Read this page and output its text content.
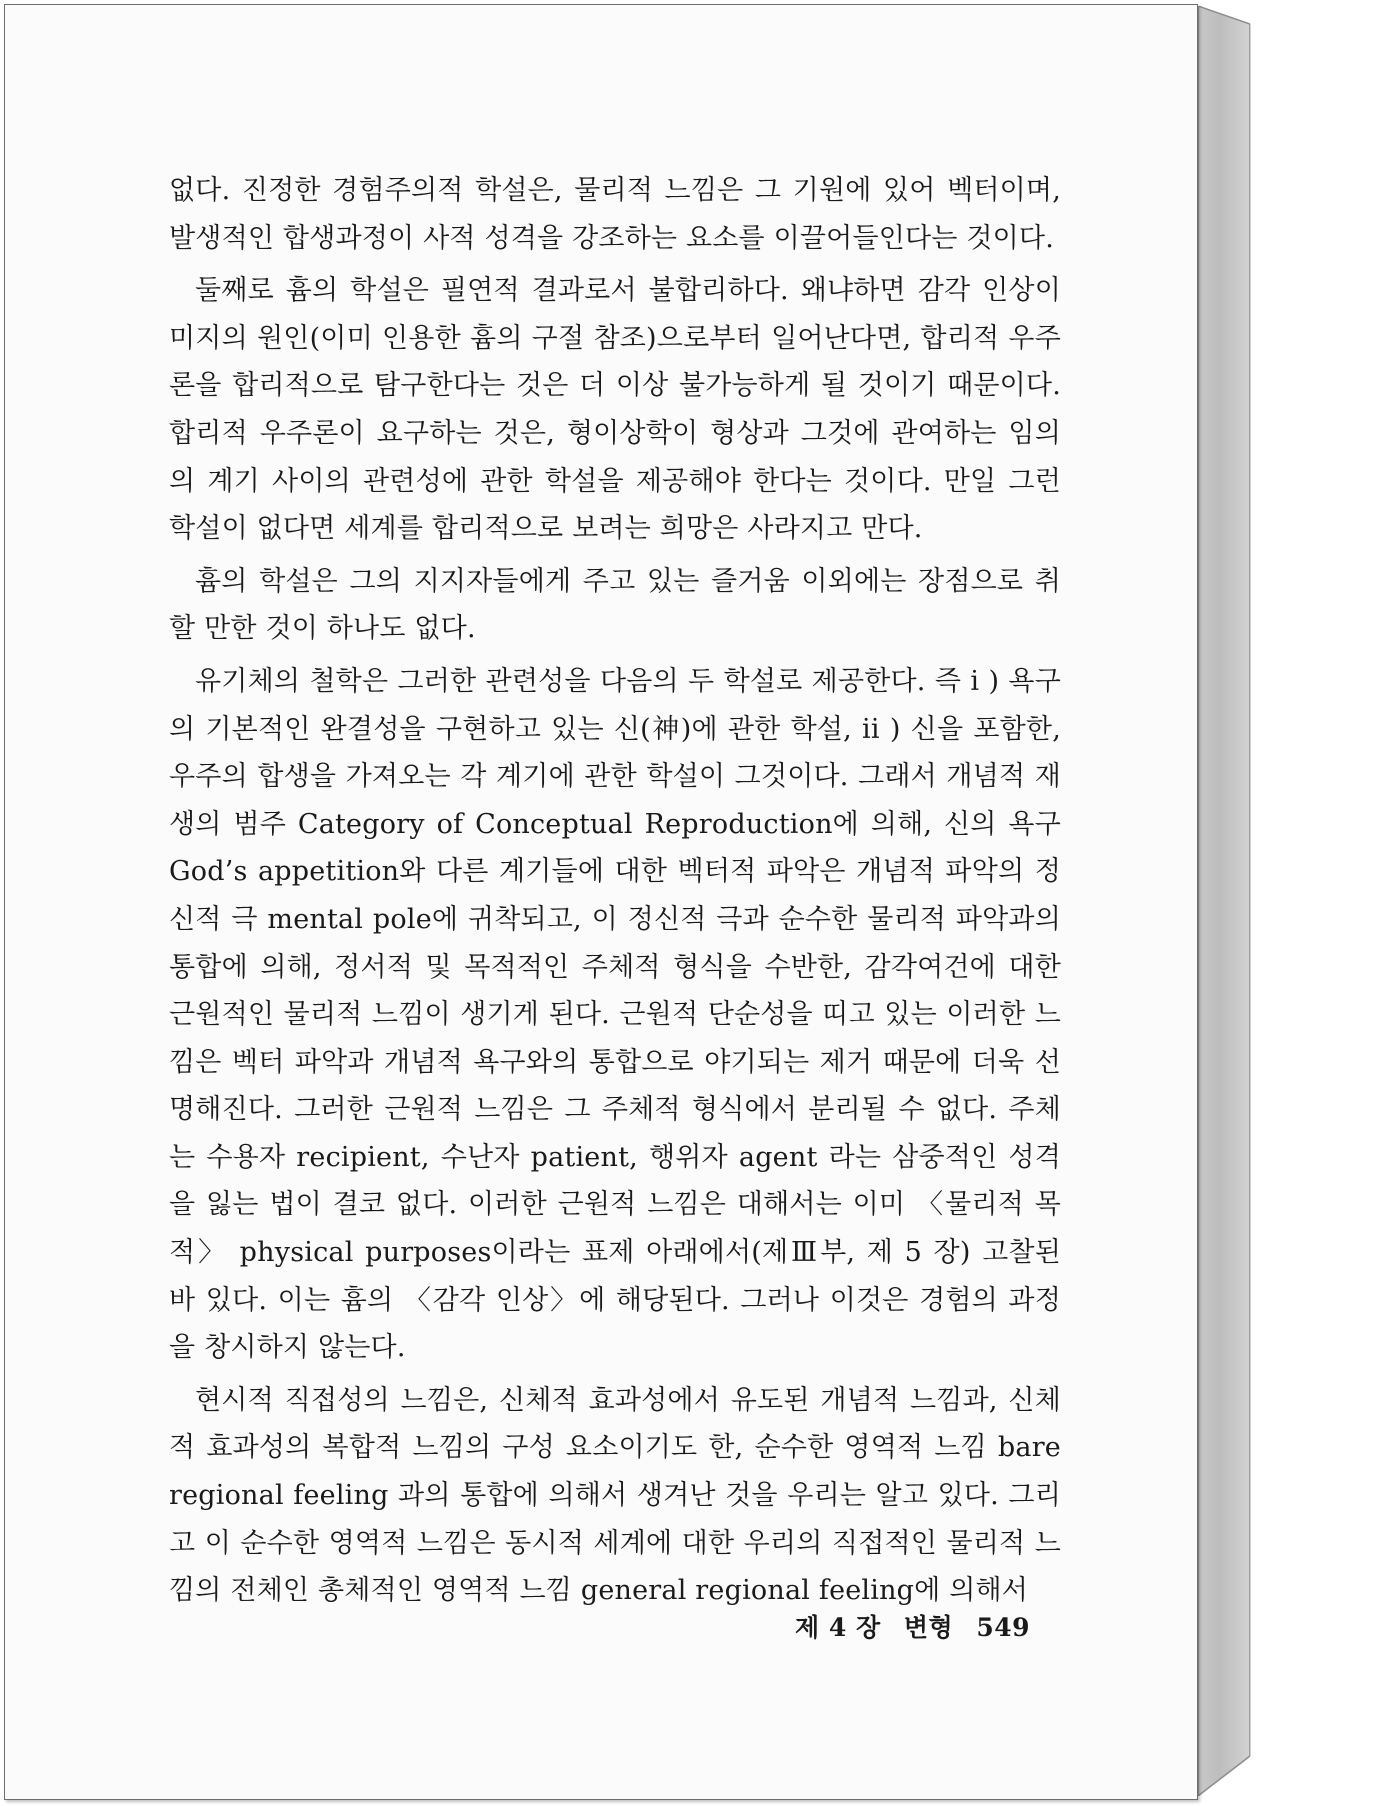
없다. 진정한 경험주의적 학설은, 물리적 느낌은 그 기원에 있어 벡터이며, 발생적인 합생과정이 사적 성격을 강조하는 요소를 이끌어들인다는 것이다.

둘째로 흄의 학설은 필연적 결과로서 불합리하다. 왜냐하면 감각 인상이 미지의 원인(이미 인용한 흄의 구절 참조)으로부터 일어난다면, 합리적 우주론을 합리적으로 탐구한다는 것은 더 이상 불가능하게 될 것이기 때문이다. 합리적 우주론이 요구하는 것은, 형이상학이 형상과 그것에 관여하는 임의의 계기 사이의 관련성에 관한 학설을 제공해야 한다는 것이다. 만일 그런 학설이 없다면 세계를 합리적으로 보려는 희망은 사라지고 만다.

흄의 학설은 그의 지지자들에게 주고 있는 즐거움 이외에는 장점으로 취할 만한 것이 하나도 없다.

유기체의 철학은 그러한 관련성을 다음의 두 학설로 제공한다. 즉 i ) 욕구의 기본적인 완결성을 구현하고 있는 신(神)에 관한 학설, ii ) 신을 포함한, 우주의 합생을 가져오는 각 계기에 관한 학설이 그것이다. 그래서 개념적 재생의 범주 Category of Conceptual Reproduction에 의해, 신의 욕구 God’s appetition와 다른 계기들에 대한 벡터적 파악은 개념적 파악의 정신적 극 mental pole에 귀착되고, 이 정신적 극과 순수한 물리적 파악과의 통합에 의해, 정서적 및 목적적인 주체적 형식을 수반한, 감각여건에 대한 근원적인 물리적 느낌이 생기게 된다. 근원적 단순성을 띠고 있는 이러한 느낌은 벡터 파악과 개념적 욕구와의 통합으로 야기되는 제거 때문에 더욱 선명해진다. 그러한 근원적 느낌은 그 주체적 형식에서 분리될 수 없다. 주체는 수용자 recipient, 수난자 patient, 행위자 agent 라는 삼중적인 성격을 잃는 법이 결코 없다. 이러한 근원적 느낌은 대해서는 이미 〈물리적 목적〉 physical purposes이라는 표제 아래에서(제Ⅲ부, 제 5 장) 고찰된 바 있다. 이는 흄의 〈감각 인상〉에 해당된다. 그러나 이것은 경험의 과정을 창시하지 않는다.

현시적 직접성의 느낌은, 신체적 효과성에서 유도된 개념적 느낌과, 신체적 효과성의 복합적 느낌의 구성 요소이기도 한, 순수한 영역적 느낌 bare regional feeling 과의 통합에 의해서 생겨난 것을 우리는 알고 있다. 그리고 이 순수한 영역적 느낌은 동시적 세계에 대한 우리의 직접적인 물리적 느낌의 전체인 총체적인 영역적 느낌 general regional feeling에 의해서

제 4 장 변형 549
